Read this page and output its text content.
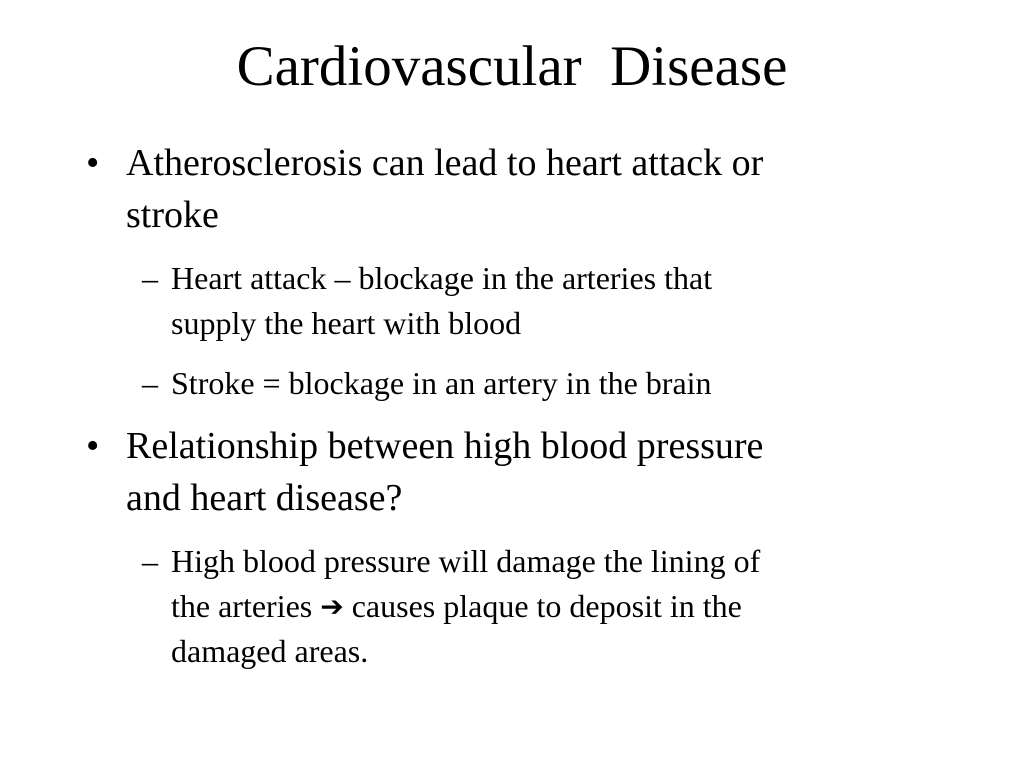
Cardiovascular  Disease
• Atherosclerosis can lead to heart attack or
stroke
– Heart attack – blockage in the arteries that
supply the heart with blood
– Stroke = blockage in an artery in the brain
• Relationship between high blood pressure
and heart disease?
– High blood pressure will damage the lining of
the arteries ➔ causes plaque to deposit in the
damaged areas.
